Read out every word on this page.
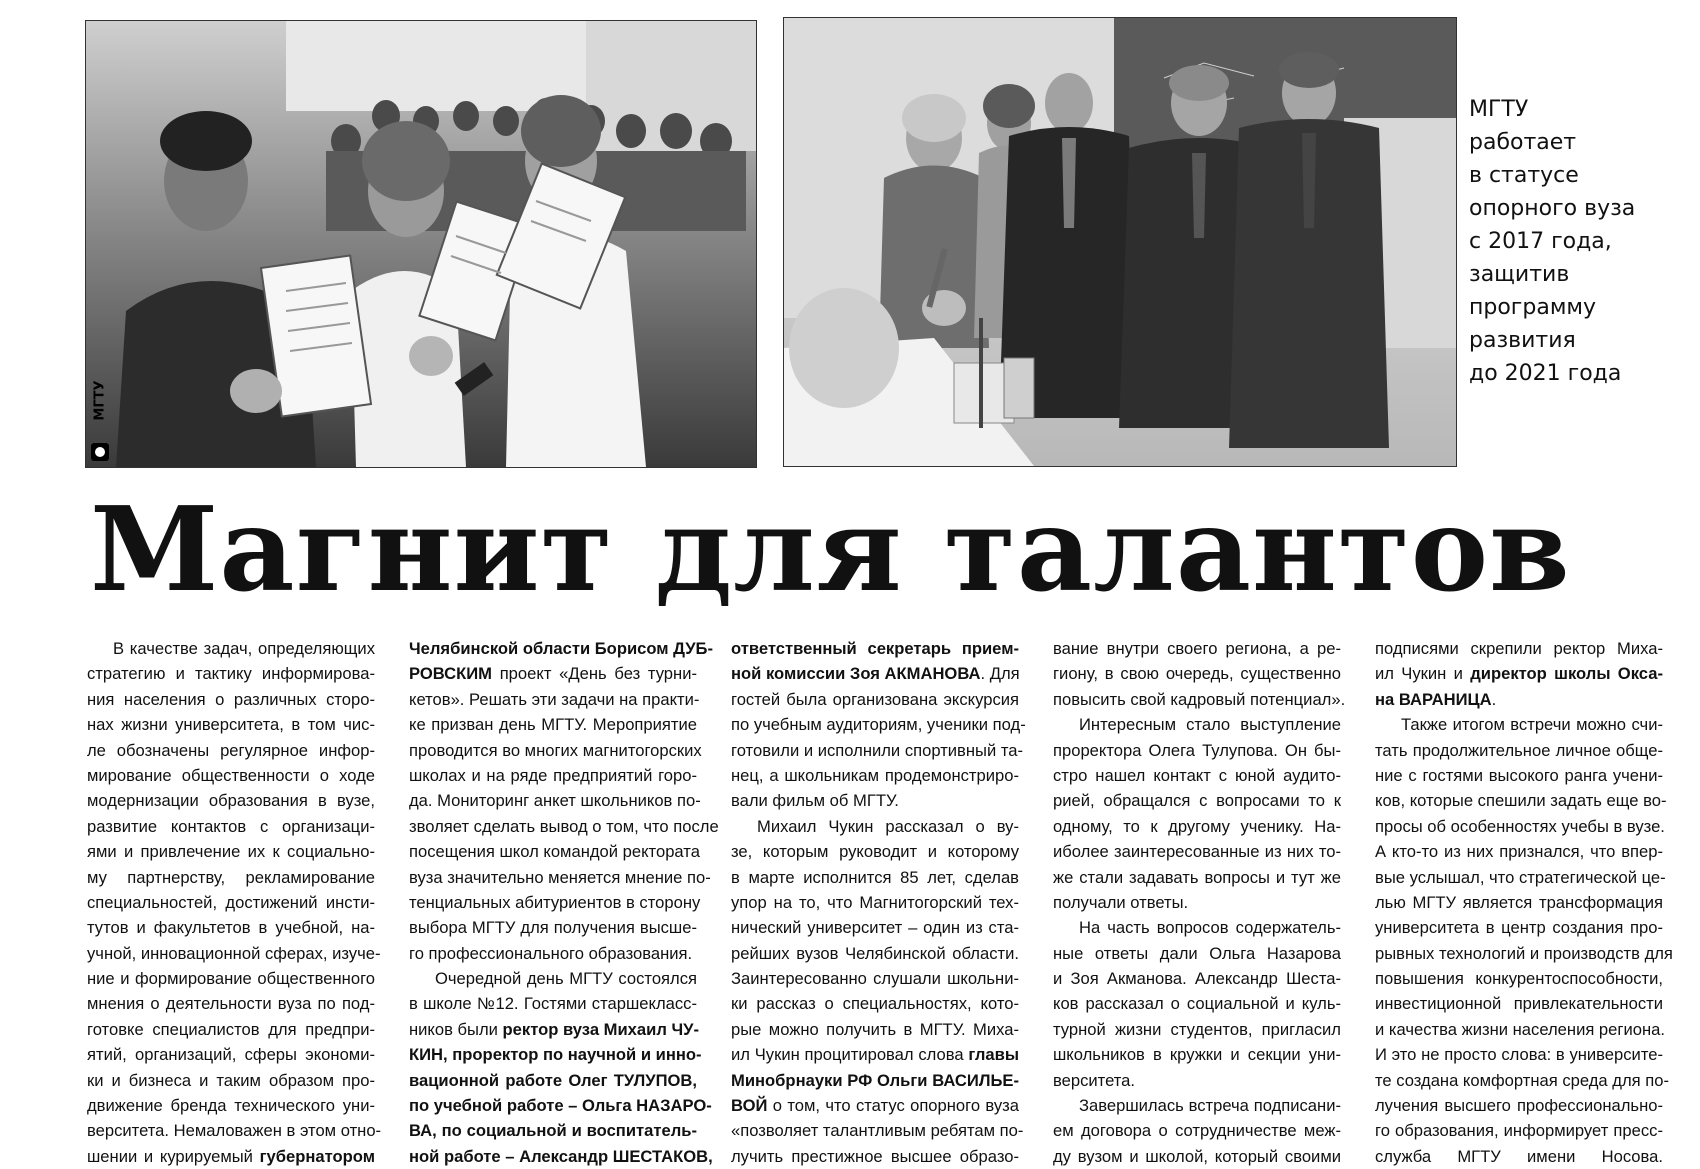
МГТУ
МГТУ
работает
в статусе
опорного вуза
с 2017 года,
защитив
программу
развития
до 2021 года
Магнит для талантов
В качестве задач, определяющих
стратегию и тактику информирова-
ния населения о различных сторо-
нах жизни университета, в том чис-
ле обозначены регулярное инфор-
мирование общественности о ходе
модернизации образования в вузе,
развитие контактов с организаци-
ями и привлечение их к социально-
му партнерству, рекламирование
специальностей, достижений инсти-
тутов и факультетов в учебной, на-
учной, инновационной сферах, изуче-
ние и формирование общественного
мнения о деятельности вуза по под-
готовке специалистов для предпри-
ятий, организаций, сферы экономи-
ки и бизнеса и таким образом про-
движение бренда технического уни-
верситета. Немаловажен в этом отно-
шении и курируемый губернатором
Челябинской области Борисом ДУБ-
РОВСКИМ проект «День без турни-
кетов». Решать эти задачи на практи-
ке призван день МГТУ. Мероприятие
проводится во многих магнитогорских
школах и на ряде предприятий горо-
да. Мониторинг анкет школьников по-
зволяет сделать вывод о том, что после
посещения школ командой ректората
вуза значительно меняется мнение по-
тенциальных абитуриентов в сторону
выбора МГТУ для получения высше-
го профессионального образования.
Очередной день МГТУ состоялся
в школе №12. Гостями старшекласс-
ников были ректор вуза Михаил ЧУ-
КИН, проректор по научной и инно-
вационной работе Олег ТУЛУПОВ,
по учебной работе – Ольга НАЗАРО-
ВА, по социальной и воспитатель-
ной работе – Александр ШЕСТАКОВ,
ответственный секретарь прием-
ной комиссии Зоя АКМАНОВА. Для
гостей была организована экскурсия
по учебным аудиториям, ученики под-
готовили и исполнили спортивный та-
нец, а школьникам продемонстриро-
вали фильм об МГТУ.
Михаил Чукин рассказал о ву-
зе, которым руководит и которому
в марте исполнится 85 лет, сделав
упор на то, что Магнитогорский тех-
нический университет – один из ста-
рейших вузов Челябинской области.
Заинтересованно слушали школьни-
ки рассказ о специальностях, кото-
рые можно получить в МГТУ. Миха-
ил Чукин процитировал слова главы
Минобрнауки РФ Ольги ВАСИЛЬЕ-
ВОЙ о том, что статус опорного вуза
«позволяет талантливым ребятам по-
лучить престижное высшее образо-
вание внутри своего региона, а ре-
гиону, в свою очередь, существенно
повысить свой кадровый потенциал».
Интересным стало выступление
проректора Олега Тулупова. Он бы-
стро нашел контакт с юной аудито-
рией, обращался с вопросами то к
одному, то к другому ученику. На-
иболее заинтересованные из них то-
же стали задавать вопросы и тут же
получали ответы.
На часть вопросов содержатель-
ные ответы дали Ольга Назарова
и Зоя Акманова. Александр Шеста-
ков рассказал о социальной и куль-
турной жизни студентов, пригласил
школьников в кружки и секции уни-
верситета.
Завершилась встреча подписани-
ем договора о сотрудничестве меж-
ду вузом и школой, который своими
подписями скрепили ректор Миха-
ил Чукин и директор школы Окса-
на ВАРАНИЦА.
Также итогом встречи можно счи-
тать продолжительное личное обще-
ние с гостями высокого ранга учени-
ков, которые спешили задать еще во-
просы об особенностях учебы в вузе.
А кто-то из них признался, что впер-
вые услышал, что стратегической це-
лью МГТУ является трансформация
университета в центр создания про-
рывных технологий и производств для
повышения конкурентоспособности,
инвестиционной привлекательности
и качества жизни населения региона.
И это не просто слова: в университе-
те создана комфортная среда для по-
лучения высшего профессионально-
го образования, информирует пресс-
служба МГТУ имени Носова.
